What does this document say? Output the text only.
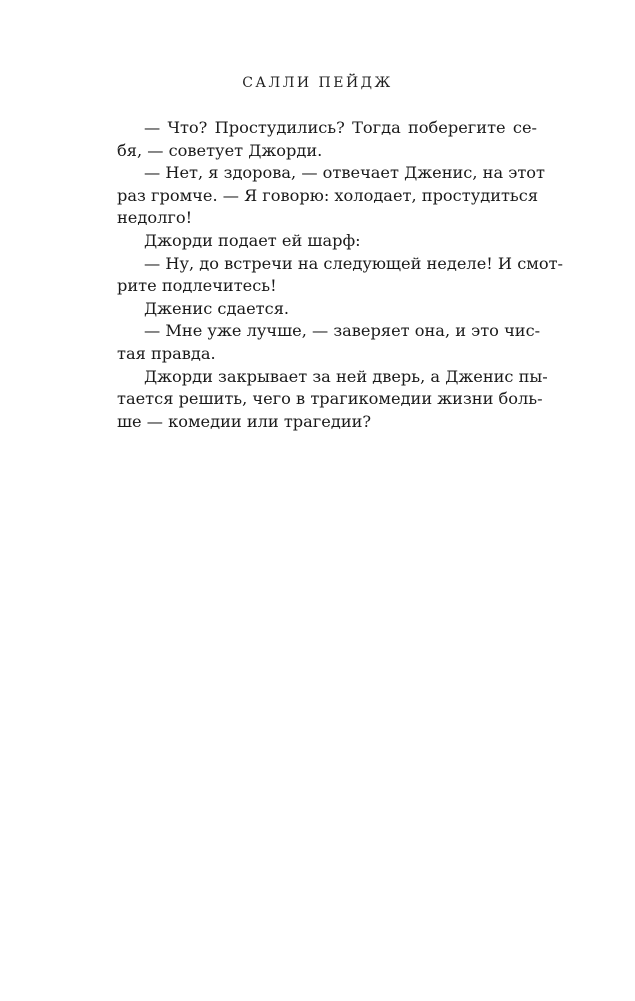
САЛЛИ ПЕЙДЖ
— Что? Простудились? Тогда поберегите се-
бя, — советует Джорди.
— Нет, я здорова, — отвечает Дженис, на этот
раз громче. — Я говорю: холодает, простудиться
недолго!
Джорди подает ей шарф:
— Ну, до встречи на следующей неделе! И смот-
рите подлечитесь!
Дженис сдается.
— Мне уже лучше, — заверяет она, и это чис-
тая правда.
Джорди закрывает за ней дверь, а Дженис пы-
тается решить, чего в трагикомедии жизни боль-
ше — комедии или трагедии?
